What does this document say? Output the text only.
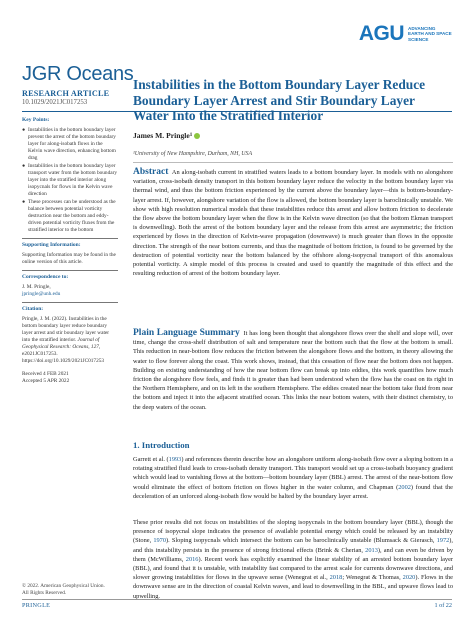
AGU ADVANCING EARTH AND SPACE SCIENCE
JGR Oceans
RESEARCH ARTICLE
10.1029/2021JC017253
Key Points:
● Instabilities in the bottom boundary layer prevent the arrest of the bottom boundary layer for along-isobath flows in the Kelvin wave direction, enhancing bottom drag
● Instabilities in the bottom boundary layer transport water from the bottom boundary layer into the stratified interior along isopycnals for flows in the Kelvin wave direction
● These processes can be understood as the balance between potential vorticity destruction near the bottom and eddy-driven potential vorticity fluxes from the stratified interior to the bottom
Supporting Information:
Supporting Information may be found in the online version of this article.
Correspondence to:
J. M. Pringle,
jpringle@unh.edu
Citation:
Pringle, J. M. (2022). Instabilities in the bottom boundary layer reduce boundary layer arrest and stir boundary layer water into the stratified interior. Journal of Geophysical Research: Oceans, 127, e2021JC017253. https://doi.org/10.1029/2021JC017253
Received 4 FEB 2021
Accepted 5 APR 2022
© 2022. American Geophysical Union.
All Rights Reserved.
Instabilities in the Bottom Boundary Layer Reduce Boundary Layer Arrest and Stir Boundary Layer Water Into the Stratified Interior
James M. Pringle 1
¹University of New Hampshire, Durham, NH, USA
Abstract An along-isobath current in stratified waters leads to a bottom boundary layer. In models with no alongshore variation, cross-isobath density transport in this bottom boundary layer reduce the velocity in the bottom boundary layer via thermal wind, and thus the bottom friction experienced by the current above the boundary layer—this is bottom-boundary-layer arrest. If, however, alongshore variation of the flow is allowed, the bottom boundary layer is baroclinically unstable. We show with high resolution numerical models that these instabilities reduce this arrest and allow bottom friction to decelerate the flow above the bottom boundary layer when the flow is in the Kelvin wave direction (so that the bottom Ekman transport is downwelling). Both the arrest of the bottom boundary layer and the release from this arrest are asymmetric; the friction experienced by flows in the direction of Kelvin-wave propagation (downwave) is much greater than flows in the opposite direction. The strength of the near bottom currents, and thus the magnitude of bottom friction, is found to be governed by the destruction of potential vorticity near the bottom balanced by the offshore along-isopycnal transport of this anomalous potential vorticity. A simple model of this process is created and used to quantify the magnitude of this effect and the resulting reduction of arrest of the bottom boundary layer.
Plain Language Summary It has long been thought that alongshore flows over the shelf and slope will, over time, change the cross-shelf distribution of salt and temperature near the bottom such that the flow at the bottom is small. This reduction in near-bottom flow reduces the friction between the alongshore flows and the bottom, in theory allowing the water to flow forever along the coast. This work shows, instead, that this cessation of flow near the bottom does not happen. Building on existing understanding of how the near bottom flow can break up into eddies, this work quantifies how much friction the alongshore flow feels, and finds it is greater than had been understood when the flow has the coast on its right in the Northern Hemisphere, and on its left in the southern Hemisphere. The eddies created near the bottom take fluid from near the bottom and inject it into the adjacent stratified ocean. This links the near bottom waters, with their distinct chemistry, to the deep waters of the ocean.
1. Introduction
Garrett et al. (1993) and references therein describe how an alongshore uniform along-isobath flow over a sloping bottom in a rotating stratified fluid leads to cross-isobath density transport. This transport would set up a cross-isobath buoyancy gradient which would lead to vanishing flows at the bottom—bottom boundary layer (BBL) arrest. The arrest of the near-bottom flow would eliminate the effect of bottom friction on flows higher in the water column, and Chapman (2002) found that the deceleration of an unforced along-isobath flow would be halted by the boundary layer arrest.
These prior results did not focus on instabilities of the sloping isopycnals in the bottom boundary layer (BBL), though the presence of isopycnal slope indicates the presence of available potential energy which could be released by an instability (Stone, 1970). Sloping isopycnals which intersect the bottom can be baroclinically unstable (Blumsack & Gierasch, 1972), and this instability persists in the presence of strong frictional effects (Brink & Cherian, 2013), and can even be driven by them (McWilliams, 2016). Recent work has explicitly examined the linear stability of an arrested bottom boundary layer (BBL), and found that it is unstable, with instability fast compared to the arrest scale for currents downwave directions, and slower growing instabilities for flows in the upwave sense (Wenegrat et al., 2018; Wenegrat & Thomas, 2020). Flows in the downwave sense are in the direction of coastal Kelvin waves, and lead to downwelling in the BBL, and upwave flows lead to upwelling.
PRINGLE	1 of 22
